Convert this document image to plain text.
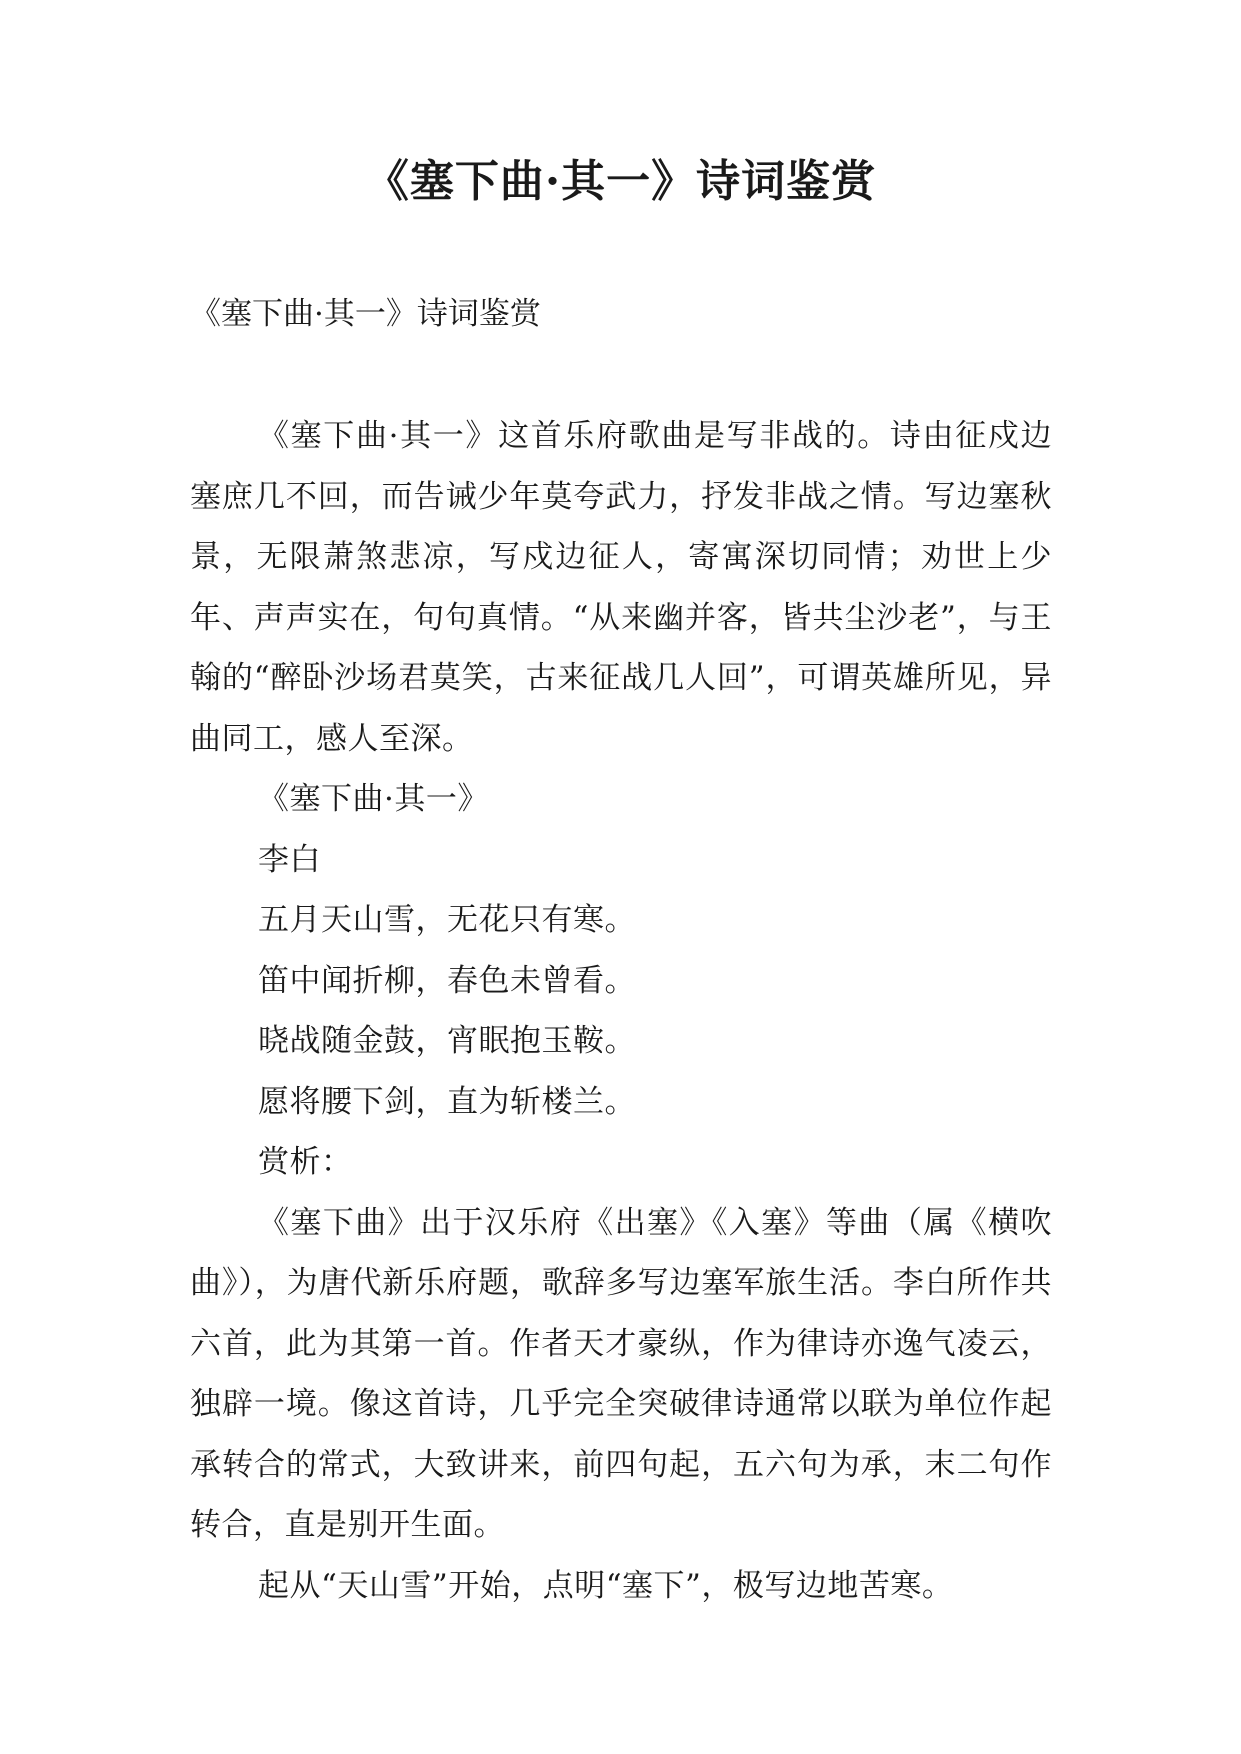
《塞下曲·其一》诗词鉴赏
《塞下曲·其一》诗词鉴赏

《塞下曲·其一》这首乐府歌曲是写非战的。诗由征戍边塞庶几不回，而告诫少年莫夸武力，抒发非战之情。写边塞秋景，无限萧煞悲凉，写戍边征人，寄寓深切同情；劝世上少年、声声实在，句句真情。“从来幽并客，皆共尘沙老”，与王翰的“醉卧沙场君莫笑，古来征战几人回”，可谓英雄所见，异曲同工，感人至深。

《塞下曲·其一》

李白

五月天山雪，无花只有寒。

笛中闻折柳，春色未曾看。

晓战随金鼓，宵眠抱玉鞍。

愿将腰下剑，直为斩楼兰。

赏析：

《塞下曲》出于汉乐府《出塞》《入塞》等曲（属《横吹曲》），为唐代新乐府题，歌辞多写边塞军旅生活。李白所作共六首，此为其第一首。作者天才豪纵，作为律诗亦逸气凌云，独辟一境。像这首诗，几乎完全突破律诗通常以联为单位作起承转合的常式，大致讲来，前四句起，五六句为承，末二句作转合，直是别开生面。

起从“天山雪”开始，点明“塞下”，极写边地苦寒。
